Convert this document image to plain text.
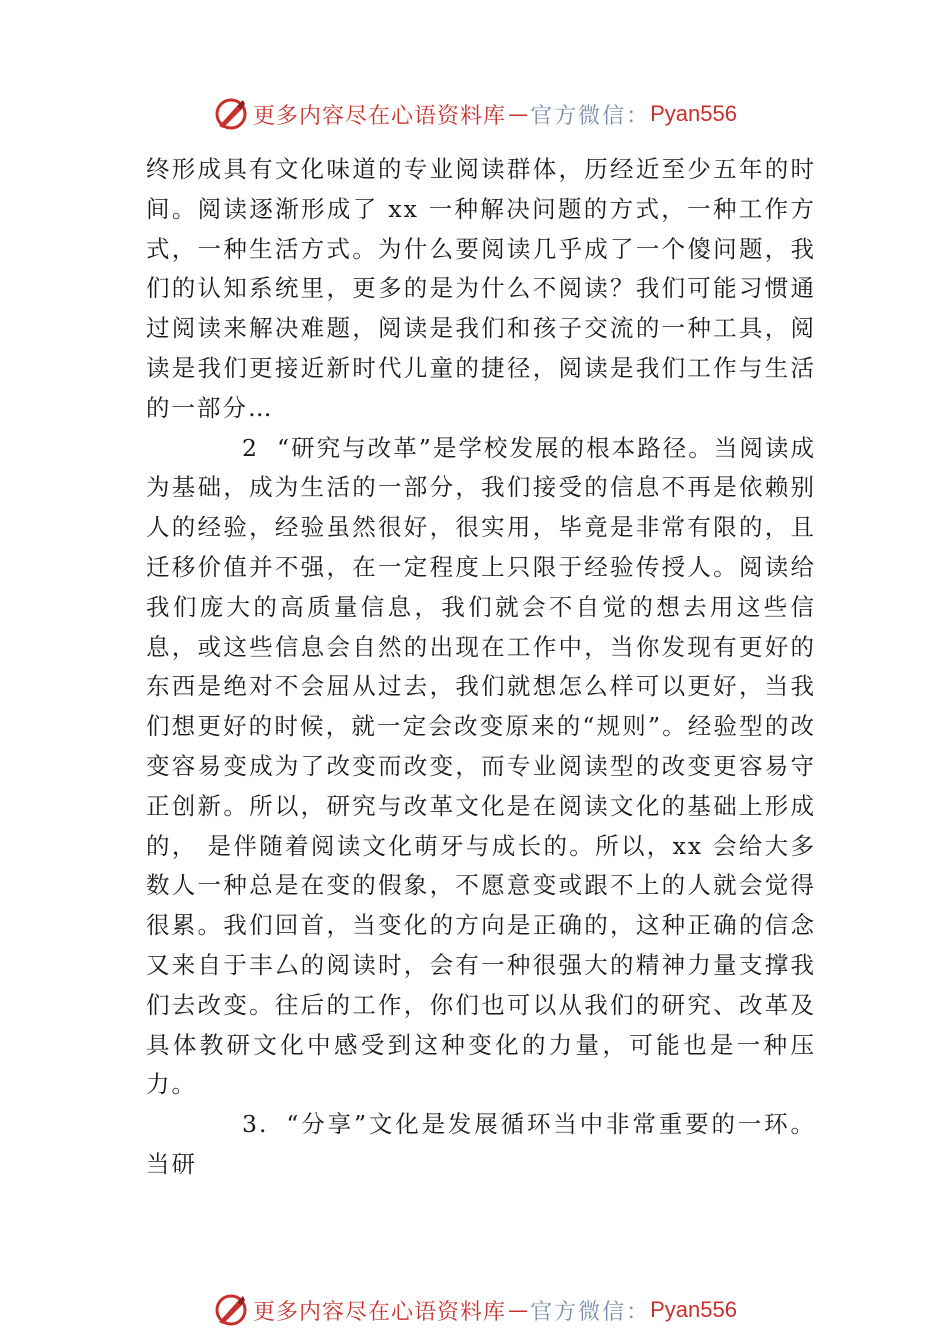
更多内容尽在心语资料库 — 官方微信： Pyan556

终形成具有文化味道的专业阅读群体，历经近至少五年的时间。阅读逐渐形成了 xx 一种解决问题的方式，一种工作方式，一种生活方式。为什么要阅读几乎成了一个傻问题，我们的认知系统里，更多的是为什么不阅读？我们可能习惯通过阅读来解决难题，阅读是我们和孩子交流的一种工具，阅读是我们更接近新时代儿童的捷径，阅读是我们工作与生活的一部分…

2 “研究与改革”是学校发展的根本路径。当阅读成为基础，成为生活的一部分，我们接受的信息不再是依赖别人的经验，经验虽然很好，很实用，毕竟是非常有限的，且迁移价值并不强，在一定程度上只限于经验传授人。阅读给我们庞大的高质量信息，我们就会不自觉的想去用这些信息，或这些信息会自然的出现在工作中，当你发现有更好的东西是绝对不会屈从过去，我们就想怎么样可以更好，当我们想更好的时候，就一定会改变原来的“规则”。经验型的改变容易变成为了改变而改变，而专业阅读型的改变更容易守正创新。所以，研究与改革文化是在阅读文化的基础上形成的， 是伴随着阅读文化萌牙与成长的。所以，xx 会给大多数人一种总是在变的假象，不愿意变或跟不上的人就会觉得很累。我们回首，当变化的方向是正确的，这种正确的信念又来自于丰厶的阅读时，会有一种很强大的精神力量支撑我们去改变。往后的工作，你们也可以从我们的研究、改革及具体教研文化中感受到这种变化的力量，可能也是一种压力。

3. “分享”文化是发展循环当中非常重要的一环。当研

更多内容尽在心语资料库 — 官方微信： Pyan556
